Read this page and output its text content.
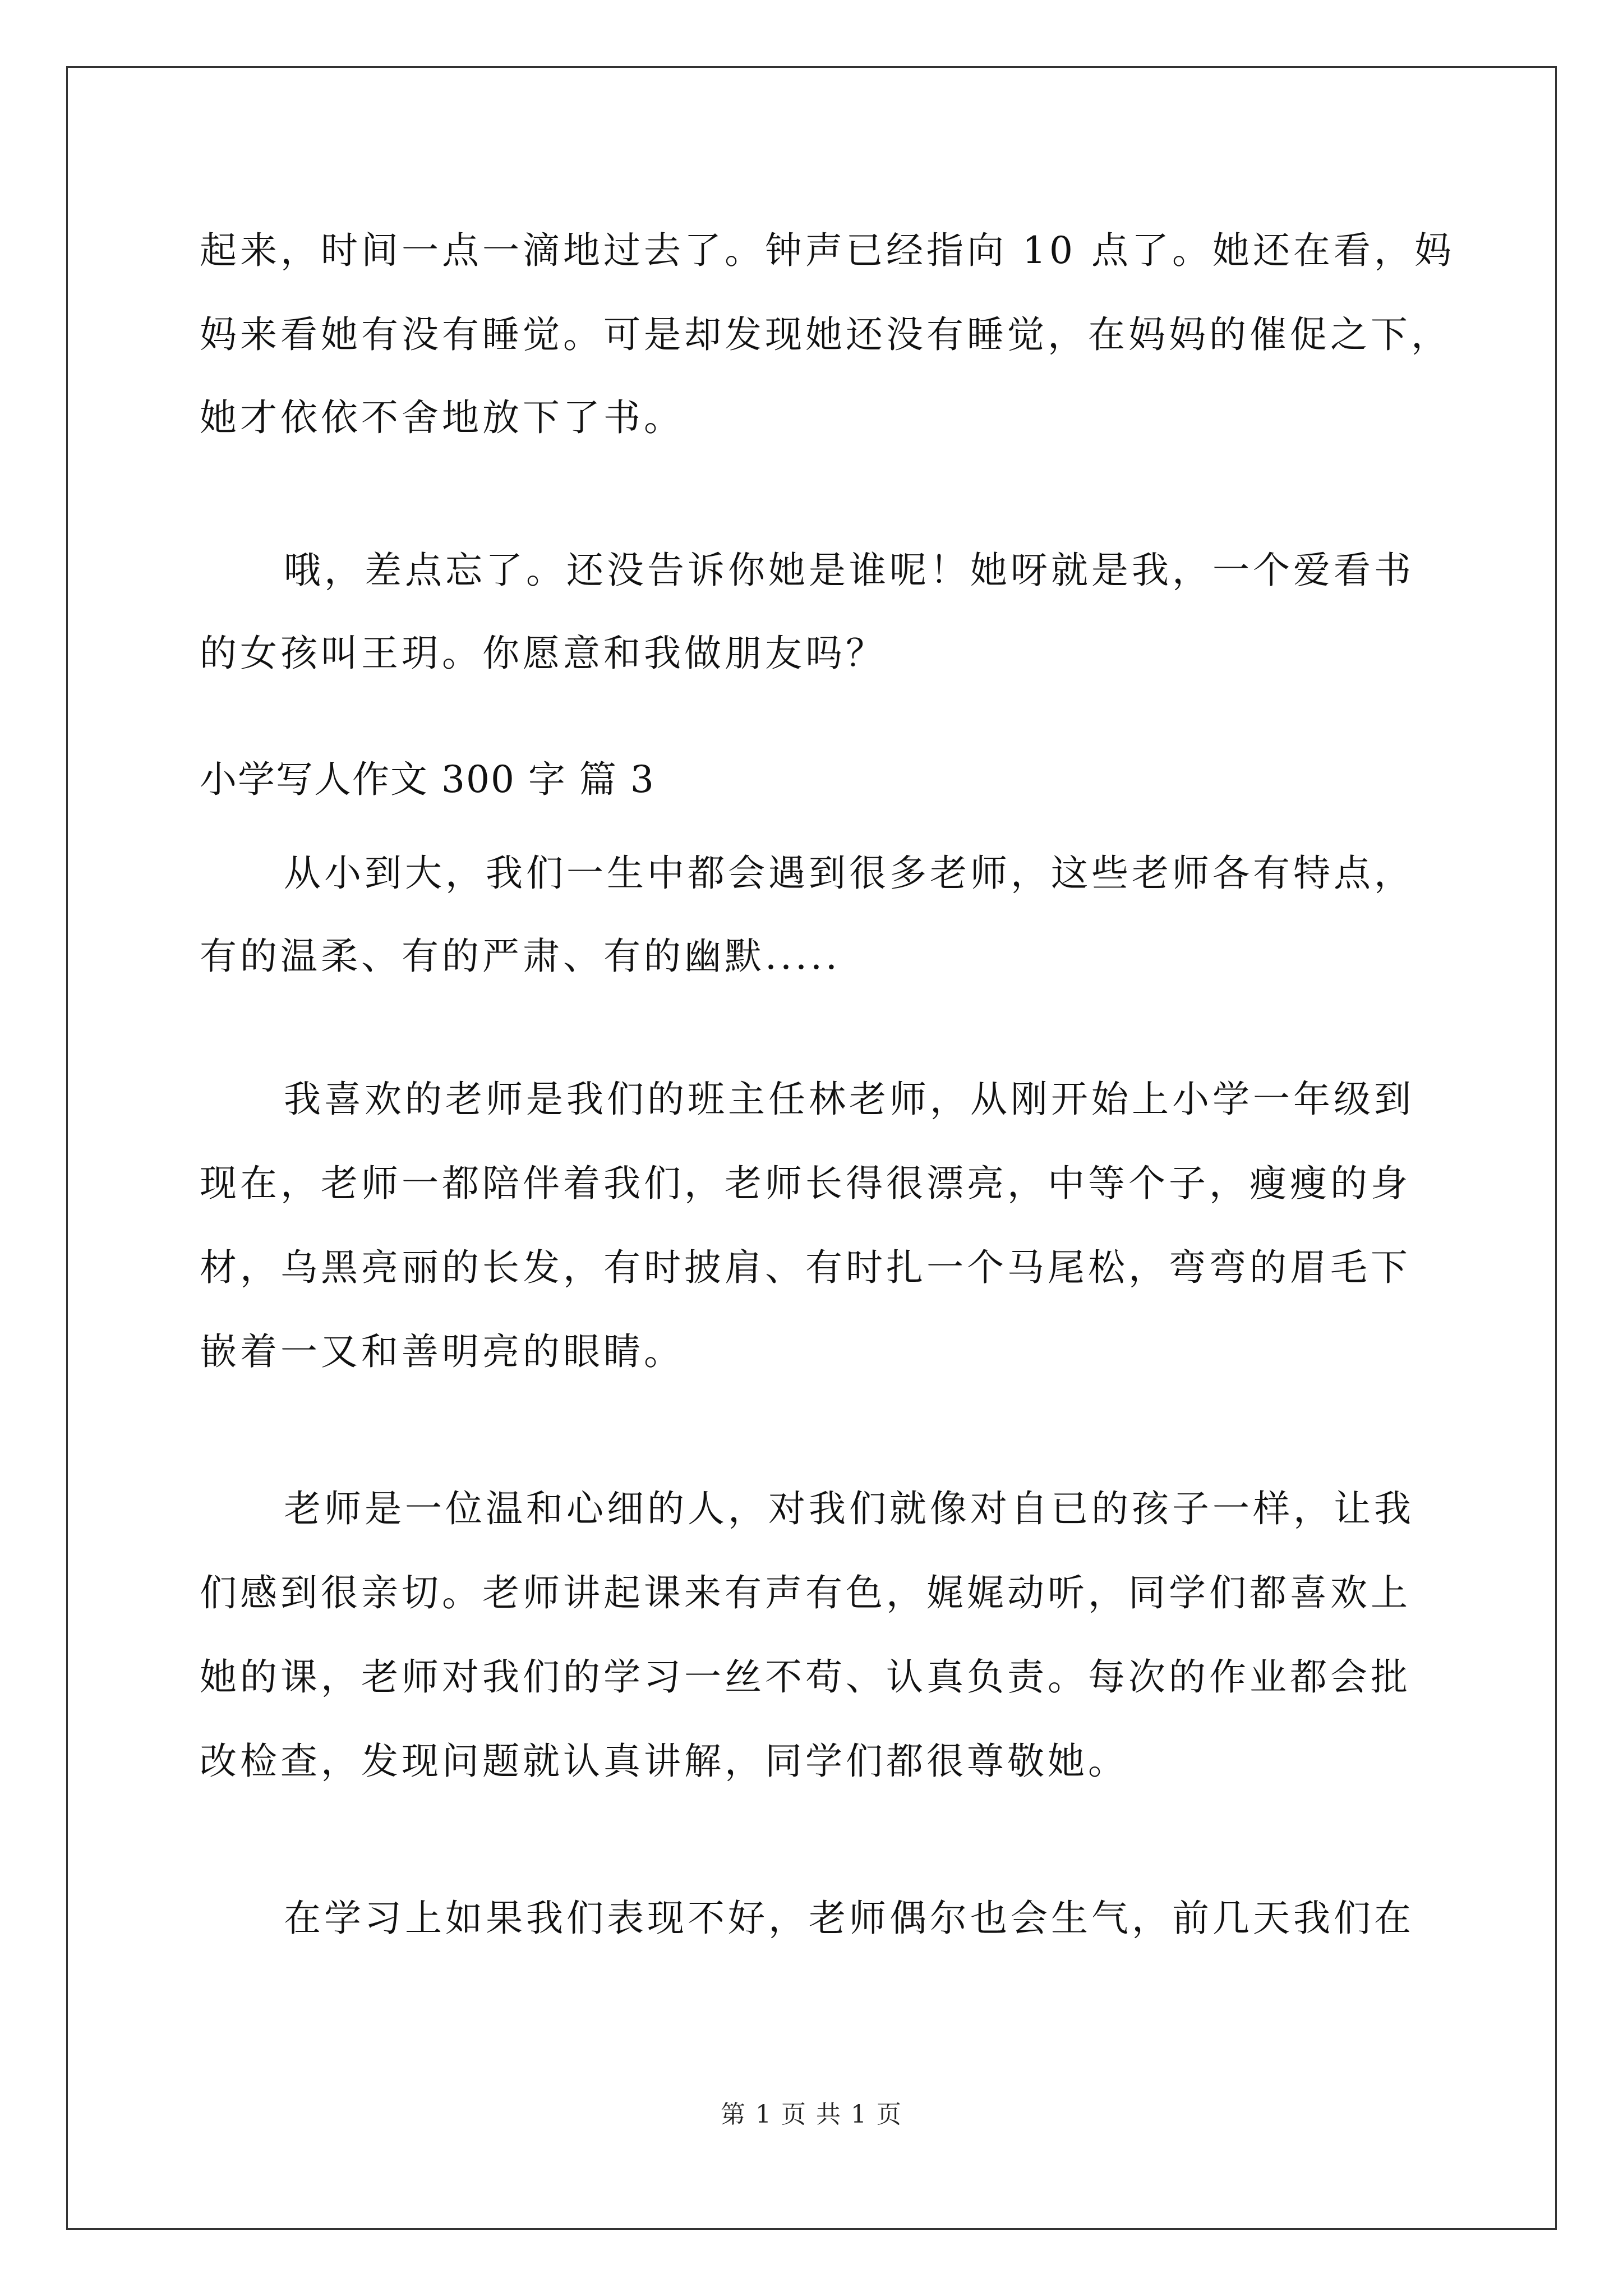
起来，时间一点一滴地过去了。钟声已经指向 10 点了。她还在看，妈
妈来看她有没有睡觉。可是却发现她还没有睡觉，在妈妈的催促之下，
她才依依不舍地放下了书。
哦，差点忘了。还没告诉你她是谁呢！她呀就是我，一个爱看书
的女孩叫王玥。你愿意和我做朋友吗？
小学写人作文 300 字 篇 3
从小到大，我们一生中都会遇到很多老师，这些老师各有特点，
有的温柔、有的严肃、有的幽默.....
我喜欢的老师是我们的班主任林老师，从刚开始上小学一年级到
现在，老师一都陪伴着我们，老师长得很漂亮，中等个子，瘦瘦的身
材，乌黑亮丽的长发，有时披肩、有时扎一个马尾松，弯弯的眉毛下
嵌着一又和善明亮的眼睛。
老师是一位温和心细的人，对我们就像对自已的孩子一样，让我
们感到很亲切。老师讲起课来有声有色，娓娓动听，同学们都喜欢上
她的课，老师对我们的学习一丝不苟、认真负责。每次的作业都会批
改检查，发现问题就认真讲解，同学们都很尊敬她。
在学习上如果我们表现不好，老师偶尔也会生气，前几天我们在
第 1 页 共 1 页
